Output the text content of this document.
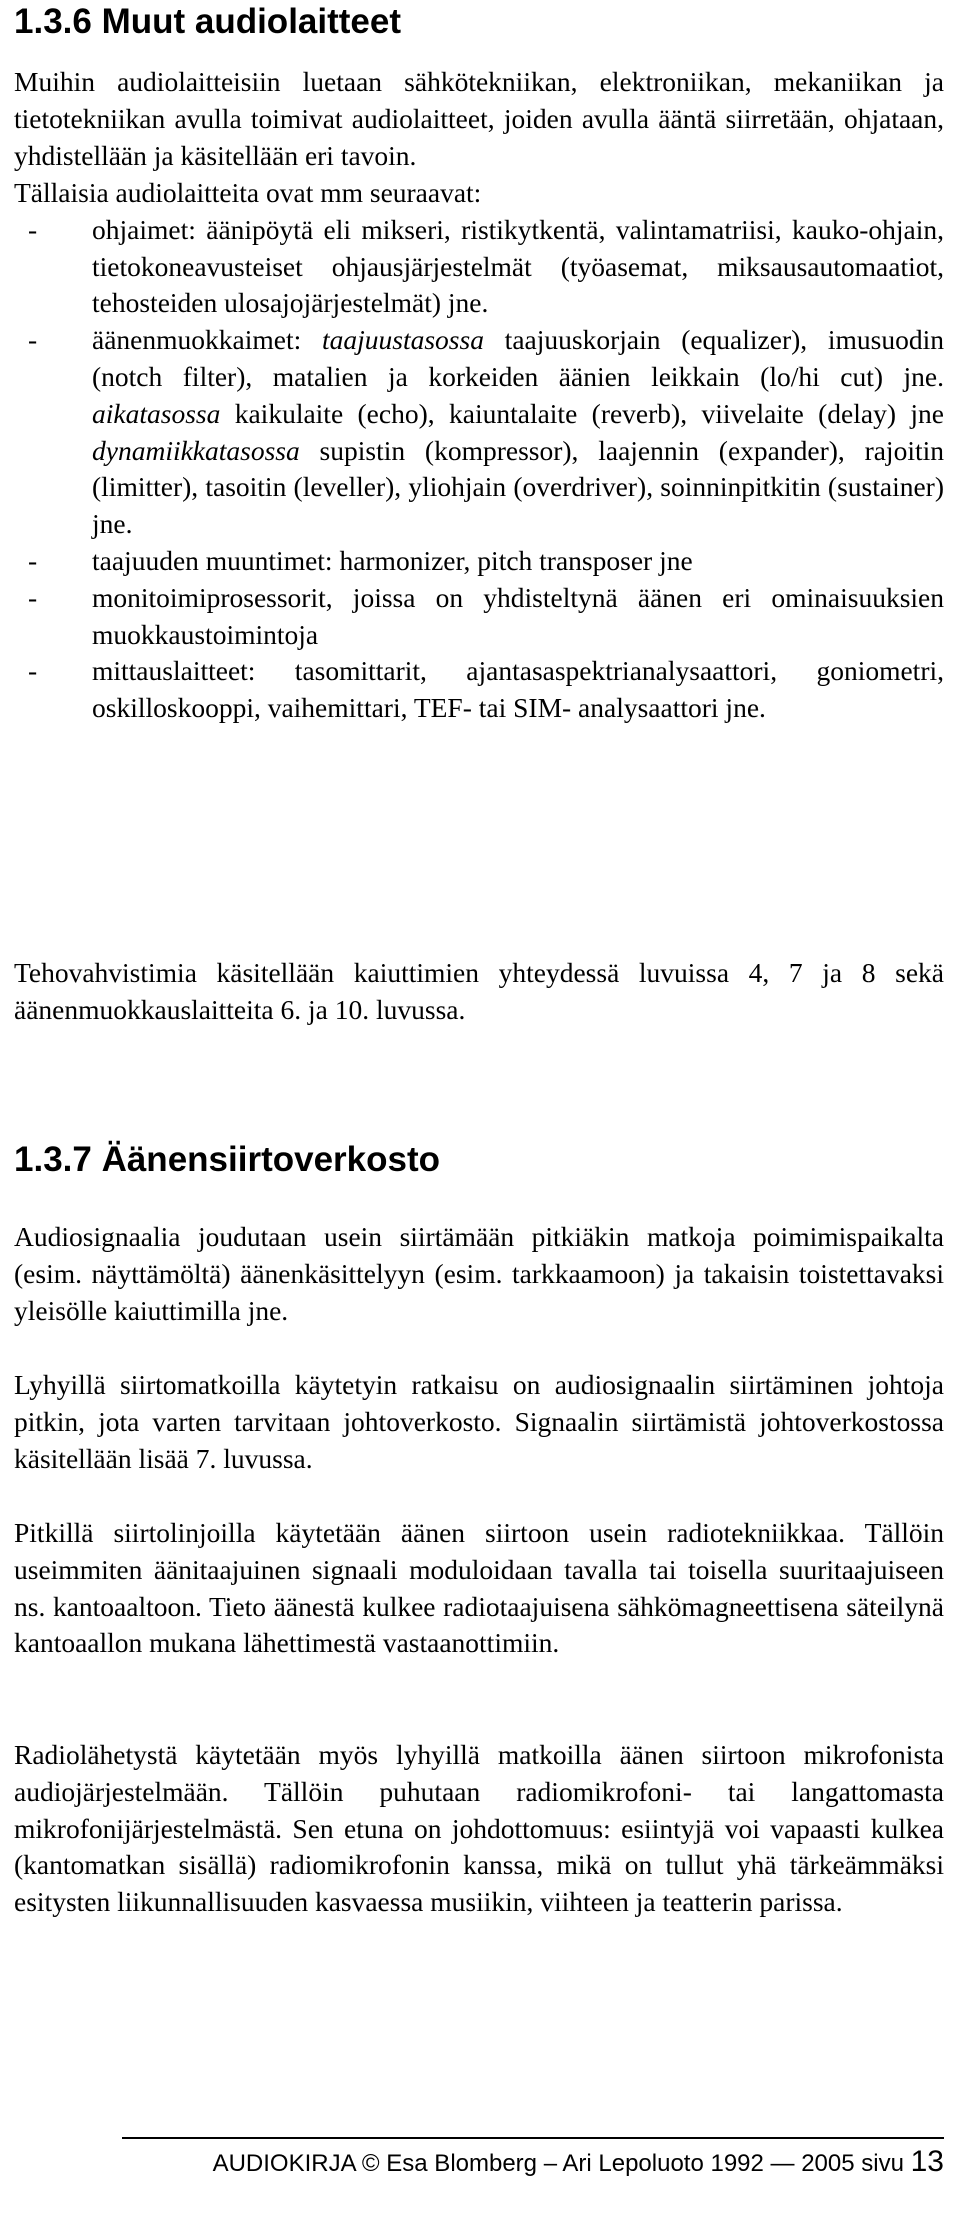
1.3.6 Muut audiolaitteet

Muihin audiolaitteisiin luetaan sähkötekniikan, elektroniikan, mekaniikan ja tietotekniikan avulla toimivat audiolaitteet, joiden avulla ääntä siirretään, ohjataan, yhdistellään ja käsitellään eri tavoin.

Tällaisia audiolaitteita ovat mm seuraavat:

- ohjaimet: äänipöytä eli mikseri, ristikytkentä, valintamatriisi, kauko-ohjain, tietokoneavusteiset ohjausjärjestelmät (työasemat, miksausautomaatiot, tehosteiden ulosajojärjestelmät) jne.
- äänenmuokkaimet: taajuustasossa taajuuskorjain (equalizer), imusuodin (notch filter), matalien ja korkeiden äänien leikkain (lo/hi cut) jne. aikatasossa kaikulaite (echo), kaiuntalaite (reverb), viivelaite (delay) jne dynamiikkatasossa supistin (kompressor), laajennin (expander), rajoitin (limitter), tasoitin (leveller), yliohjain (overdriver), soinninpitkitin (sustainer) jne.
- taajuuden muuntimet: harmonizer, pitch transposer jne
- monitoimiprosessorit, joissa on yhdisteltynä äänen eri ominaisuuksien muokkaustoimintoja
- mittauslaitteet: tasomittarit, ajantasaspektrianalysaattori, goniometri, oskilloskooppi, vaihemittari, TEF- tai SIM- analysaattori jne.

Tehovahvistimia käsitellään kaiuttimien yhteydessä luvuissa 4, 7 ja 8 sekä äänenmuokkauslaitteita 6. ja 10. luvussa.

1.3.7 Äänensiirtoverkosto

Audiosignaalia joudutaan usein siirtämään pitkiäkin matkoja poimimispaikalta (esim. näyttämöltä) äänenkäsittelyyn (esim. tarkkaamoon) ja takaisin toistettavaksi yleisölle kaiuttimilla jne.

Lyhyillä siirtomatkoilla käytetyin ratkaisu on audiosignaalin siirtäminen johtoja pitkin, jota varten tarvitaan johtoverkosto. Signaalin siirtämistä johtoverkostossa käsitellään lisää 7. luvussa.

Pitkillä siirtolinjoilla käytetään äänen siirtoon usein radiotekniikkaa. Tällöin useimmiten äänitaajuinen signaali moduloidaan tavalla tai toisella suuritaajuiseen ns. kantoaaltoon. Tieto äänestä kulkee radiotaajuisena sähkömagneettisena säteilynä kantoaallon mukana lähettimestä vastaanottimiin.

Radiolähetystä käytetään myös lyhyillä matkoilla äänen siirtoon mikrofonista audiojärjestelmään. Tällöin puhutaan radiomikrofoni- tai langattomasta mikrofonijärjestelmästä. Sen etuna on johdottomuus: esiintyjä voi vapaasti kulkea (kantomatkan sisällä) radiomikrofonin kanssa, mikä on tullut yhä tärkeämmäksi esitysten liikunnallisuuden kasvaessa musiikin, viihteen ja teatterin parissa.

AUDIOKIRJA © Esa Blomberg – Ari Lepoluoto 1992 — 2005 sivu 13
